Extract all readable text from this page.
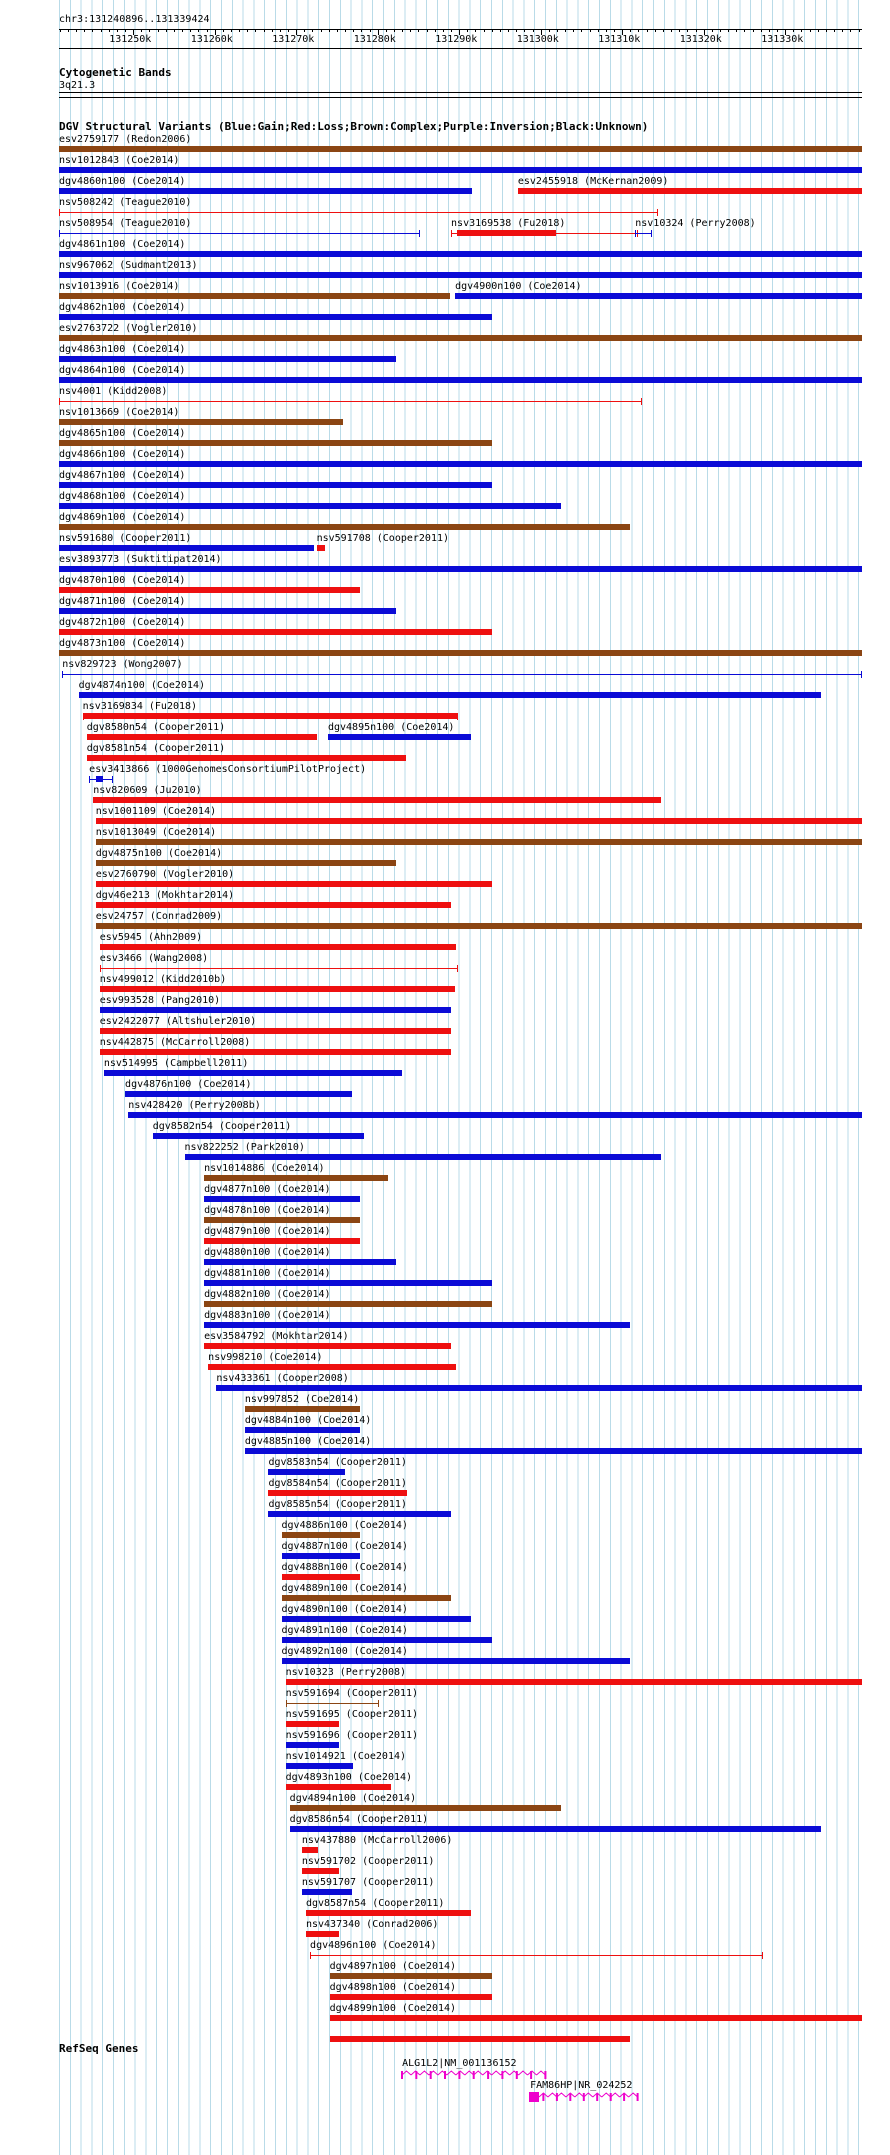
chr3:131240896..131339424
131250k	131260k	131270k	131280k	131290k	131300k	131310k	131320k	131330k
Cytogenetic Bands
3q21.3
DGV Structural Variants (Blue:Gain;Red:Loss;Brown:Complex;Purple:Inversion;Black:Unknown)
esv2759177 (Redon2006)
nsv1012843 (Coe2014)
dgv4860n100 (Coe2014)	esv2455918 (McKernan2009)
nsv508242 (Teague2010)
nsv508954 (Teague2010)	nsv3169538 (Fu2018)	nsv10324 (Perry2008)
dgv4861n100 (Coe2014)
nsv967062 (Sudmant2013)
nsv1013916 (Coe2014)	dgv4900n100 (Coe2014)
dgv4862n100 (Coe2014)
esv2763722 (Vogler2010)
dgv4863n100 (Coe2014)
dgv4864n100 (Coe2014)
nsv4001 (Kidd2008)
nsv1013669 (Coe2014)
dgv4865n100 (Coe2014)
dgv4866n100 (Coe2014)
dgv4867n100 (Coe2014)
dgv4868n100 (Coe2014)
dgv4869n100 (Coe2014)
nsv591680 (Cooper2011)	nsv591708 (Cooper2011)
esv3893773 (Suktitipat2014)
dgv4870n100 (Coe2014)
dgv4871n100 (Coe2014)
dgv4872n100 (Coe2014)
dgv4873n100 (Coe2014)
nsv829723 (Wong2007)
dgv4874n100 (Coe2014)
nsv3169834 (Fu2018)
dgv8580n54 (Cooper2011)	dgv4895n100 (Coe2014)
dgv8581n54 (Cooper2011)
esv3413866 (1000GenomesConsortiumPilotProject)
nsv820609 (Ju2010)
nsv1001109 (Coe2014)
nsv1013049 (Coe2014)
dgv4875n100 (Coe2014)
esv2760790 (Vogler2010)
dgv46e213 (Mokhtar2014)
esv24757 (Conrad2009)
esv5945 (Ahn2009)
esv3466 (Wang2008)
nsv499012 (Kidd2010b)
esv993528 (Pang2010)
esv2422077 (Altshuler2010)
nsv442875 (McCarroll2008)
nsv514995 (Campbell2011)
dgv4876n100 (Coe2014)
nsv428420 (Perry2008b)
dgv8582n54 (Cooper2011)
nsv822252 (Park2010)
nsv1014886 (Coe2014)
dgv4877n100 (Coe2014)
dgv4878n100 (Coe2014)
dgv4879n100 (Coe2014)
dgv4880n100 (Coe2014)
dgv4881n100 (Coe2014)
dgv4882n100 (Coe2014)
dgv4883n100 (Coe2014)
esv3584792 (Mokhtar2014)
nsv998210 (Coe2014)
nsv433361 (Cooper2008)
nsv997852 (Coe2014)
dgv4884n100 (Coe2014)
dgv4885n100 (Coe2014)
dgv8583n54 (Cooper2011)
dgv8584n54 (Cooper2011)
dgv8585n54 (Cooper2011)
dgv4886n100 (Coe2014)
dgv4887n100 (Coe2014)
dgv4888n100 (Coe2014)
dgv4889n100 (Coe2014)
dgv4890n100 (Coe2014)
dgv4891n100 (Coe2014)
dgv4892n100 (Coe2014)
nsv10323 (Perry2008)
nsv591694 (Cooper2011)
nsv591695 (Cooper2011)
nsv591696 (Cooper2011)
nsv1014921 (Coe2014)
dgv4893n100 (Coe2014)
dgv4894n100 (Coe2014)
dgv8586n54 (Cooper2011)
nsv437880 (McCarroll2006)
nsv591702 (Cooper2011)
nsv591707 (Cooper2011)
dgv8587n54 (Cooper2011)
nsv437340 (Conrad2006)
dgv4896n100 (Coe2014)
dgv4897n100 (Coe2014)
dgv4898n100 (Coe2014)
dgv4899n100 (Coe2014)
RefSeq Genes
ALG1L2|NM_001136152
FAM86HP|NR_024252
